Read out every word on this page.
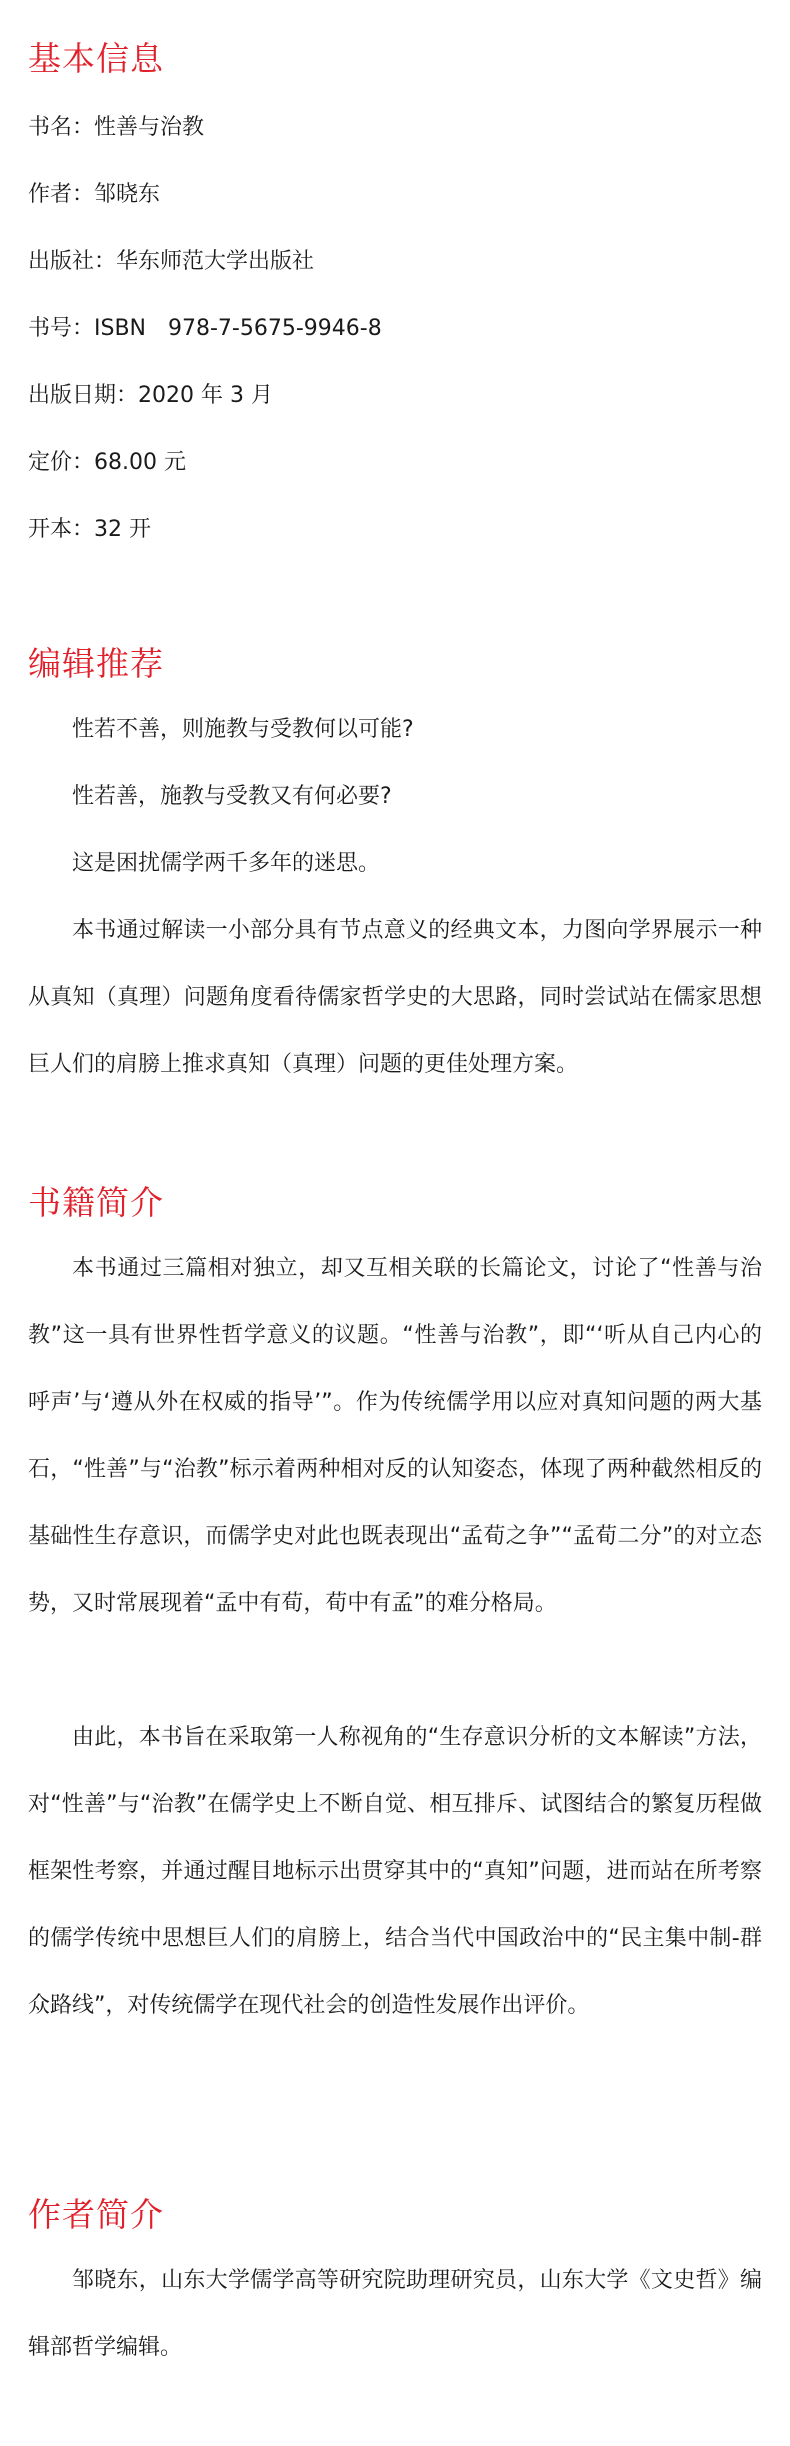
基本信息

书名：性善与治教

作者：邹晓东

出版社：华东师范大学出版社

书号：ISBN　978-7-5675-9946-8

出版日期：2020 年 3 月

定价：68.00 元

开本：32 开

编辑推荐

性若不善，则施教与受教何以可能?

性若善，施教与受教又有何必要?

这是困扰儒学两千多年的迷思。

本书通过解读一小部分具有节点意义的经典文本，力图向学界展示一种从真知（真理）问题角度看待儒家哲学史的大思路，同时尝试站在儒家思想巨人们的肩膀上推求真知（真理）问题的更佳处理方案。

书籍简介

本书通过三篇相对独立，却又互相关联的长篇论文，讨论了“性善与治教”这一具有世界性哲学意义的议题。“性善与治教”，即“‘听从自己内心的呼声’与‘遵从外在权威的指导’”。作为传统儒学用以应对真知问题的两大基石，“性善”与“治教”标示着两种相对反的认知姿态，体现了两种截然相反的基础性生存意识，而儒学史对此也既表现出“孟荀之争”“孟荀二分”的对立态势，又时常展现着“孟中有荀，荀中有孟”的难分格局。

由此，本书旨在采取第一人称视角的“生存意识分析的文本解读”方法，对“性善”与“治教”在儒学史上不断自觉、相互排斥、试图结合的繁复历程做框架性考察，并通过醒目地标示出贯穿其中的“真知”问题，进而站在所考察的儒学传统中思想巨人们的肩膀上，结合当代中国政治中的“民主集中制-群众路线”，对传统儒学在现代社会的创造性发展作出评价。

作者简介

邹晓东，山东大学儒学高等研究院助理研究员，山东大学《文史哲》编辑部哲学编辑。
